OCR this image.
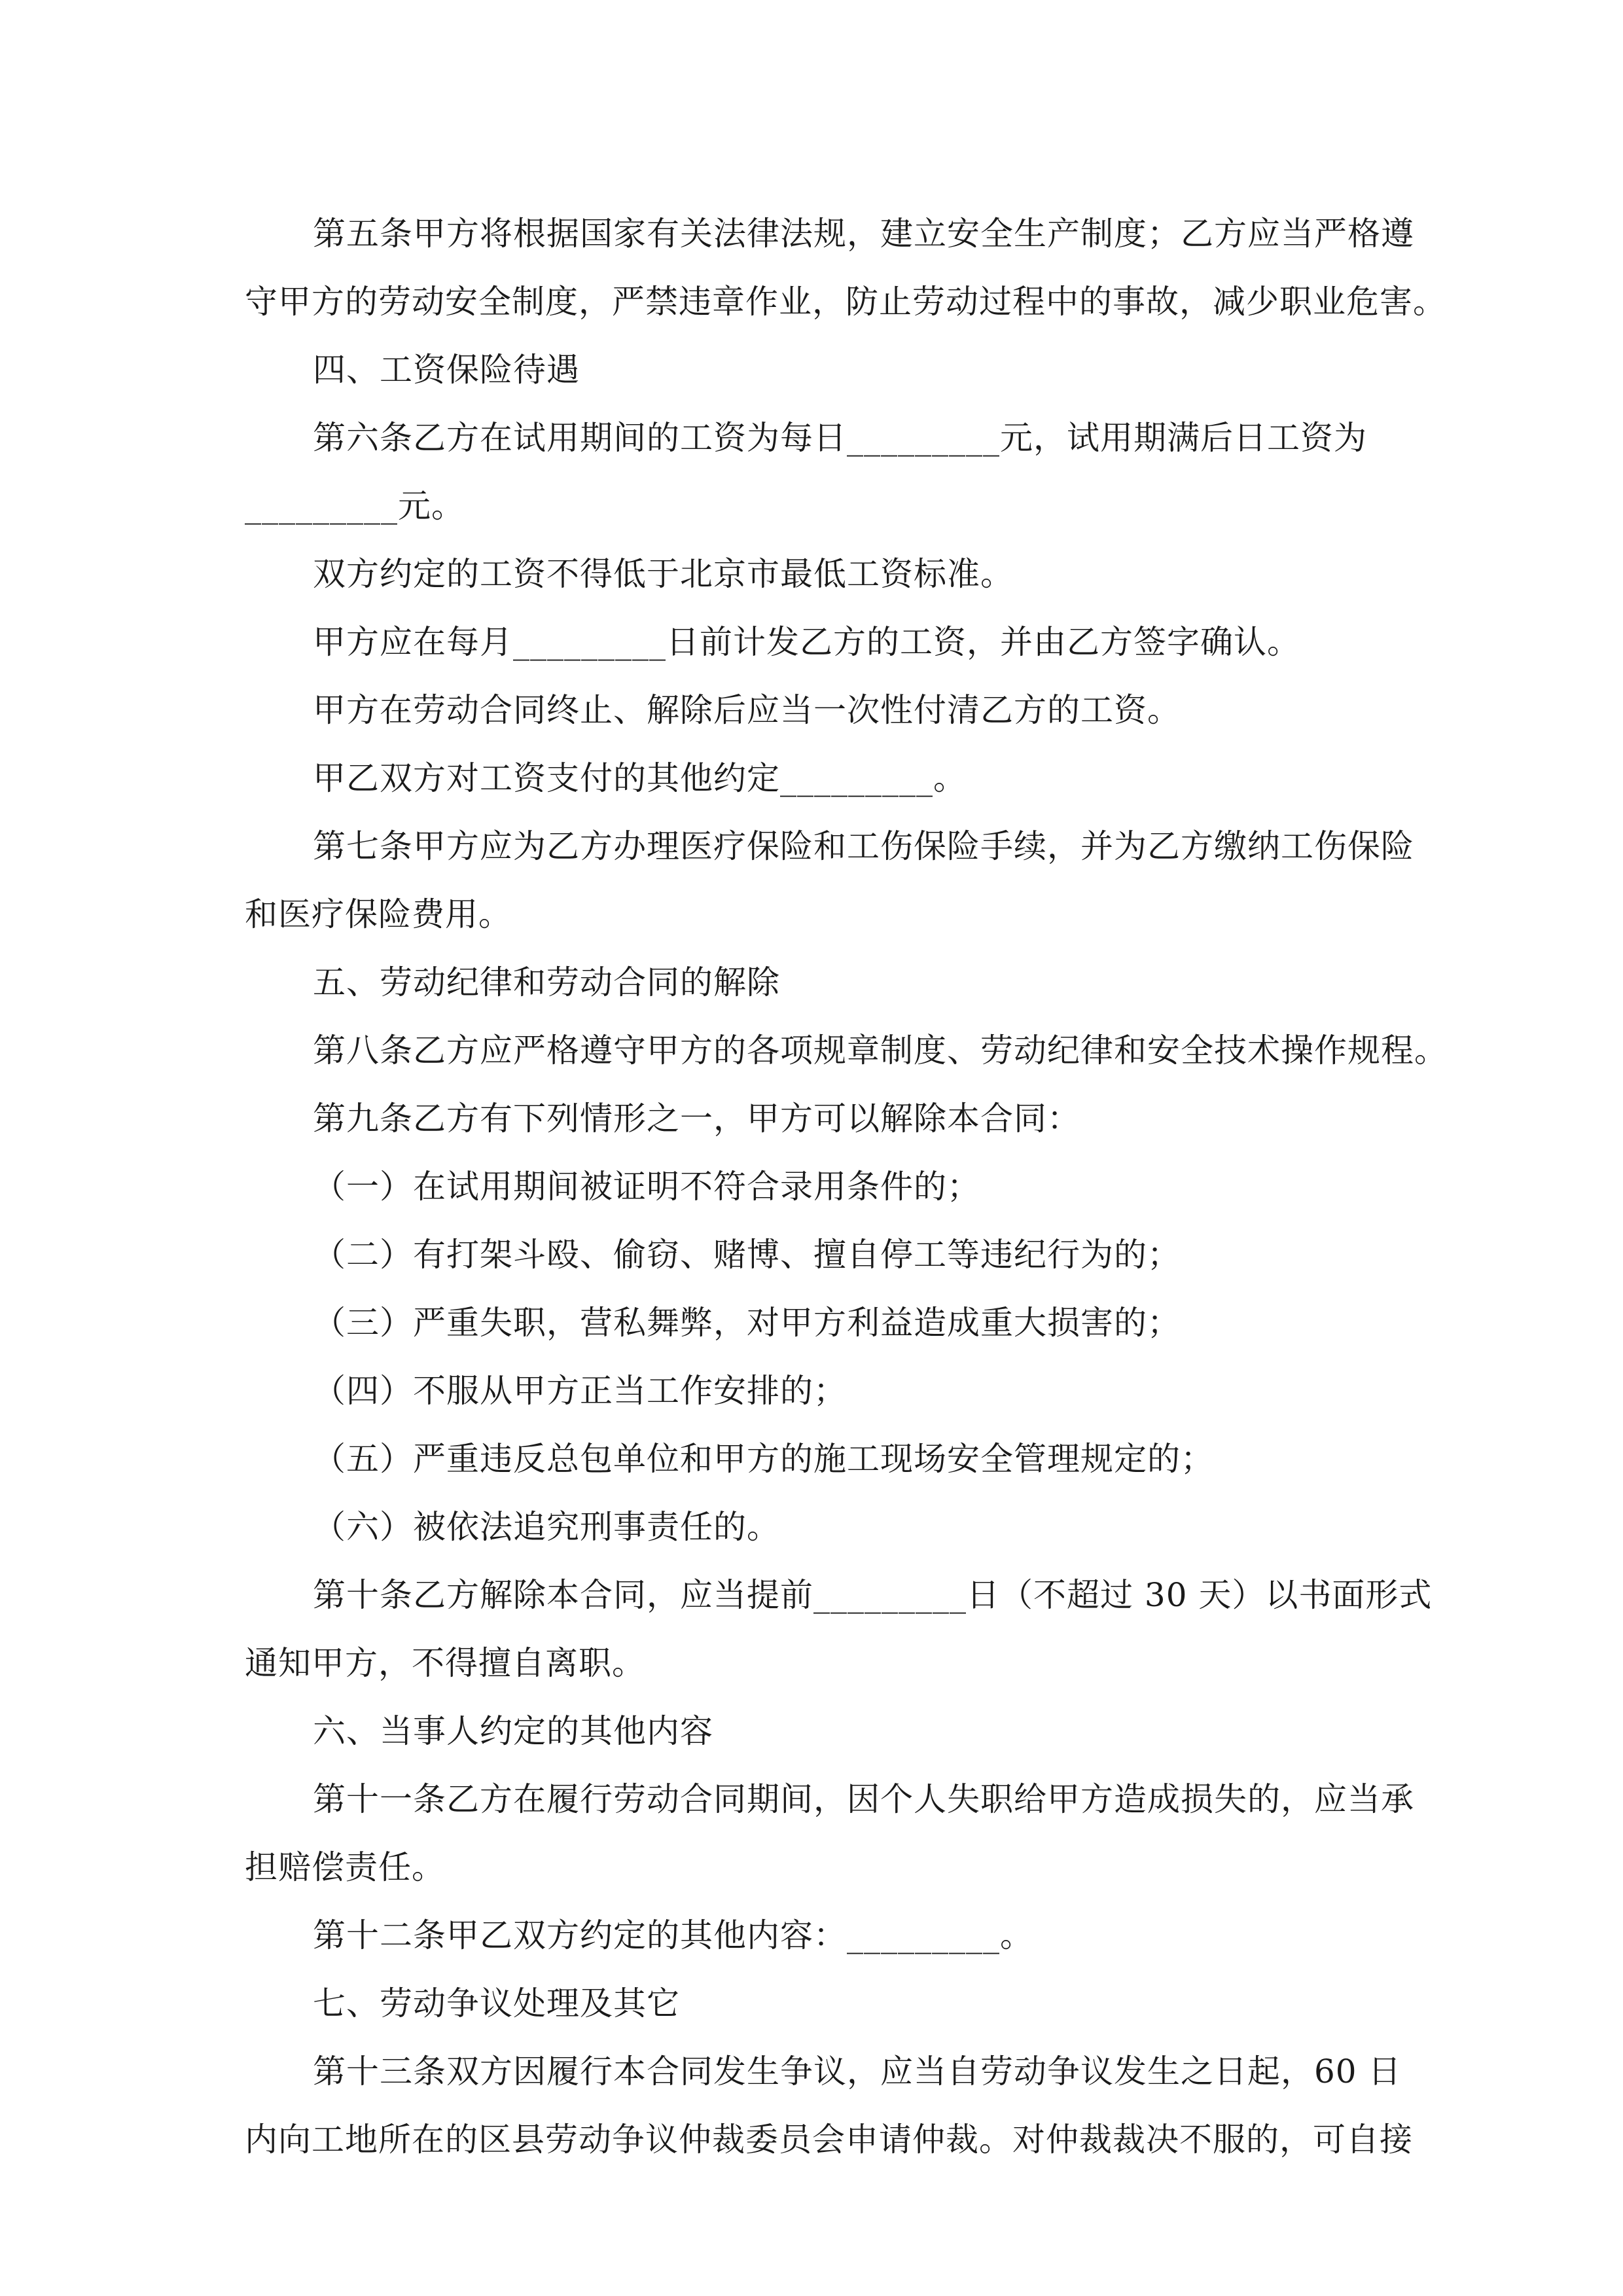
第五条甲方将根据国家有关法律法规，建立安全生产制度；乙方应当严格遵
守甲方的劳动安全制度，严禁违章作业，防止劳动过程中的事故，减少职业危害。
四、工资保险待遇
第六条乙方在试用期间的工资为每日_________元，试用期满后日工资为
_________元。
双方约定的工资不得低于北京市最低工资标准。
甲方应在每月_________日前计发乙方的工资，并由乙方签字确认。
甲方在劳动合同终止、解除后应当一次性付清乙方的工资。
甲乙双方对工资支付的其他约定_________。
第七条甲方应为乙方办理医疗保险和工伤保险手续，并为乙方缴纳工伤保险
和医疗保险费用。
五、劳动纪律和劳动合同的解除
第八条乙方应严格遵守甲方的各项规章制度、劳动纪律和安全技术操作规程。
第九条乙方有下列情形之一，甲方可以解除本合同：
（一）在试用期间被证明不符合录用条件的；
（二）有打架斗殴、偷窃、赌博、擅自停工等违纪行为的；
（三）严重失职，营私舞弊，对甲方利益造成重大损害的；
（四）不服从甲方正当工作安排的；
（五）严重违反总包单位和甲方的施工现场安全管理规定的；
（六）被依法追究刑事责任的。
第十条乙方解除本合同，应当提前_________日（不超过 30 天）以书面形式
通知甲方，不得擅自离职。
六、当事人约定的其他内容
第十一条乙方在履行劳动合同期间，因个人失职给甲方造成损失的，应当承
担赔偿责任。
第十二条甲乙双方约定的其他内容：_________。
七、劳动争议处理及其它
第十三条双方因履行本合同发生争议，应当自劳动争议发生之日起，60 日
内向工地所在的区县劳动争议仲裁委员会申请仲裁。对仲裁裁决不服的，可自接
